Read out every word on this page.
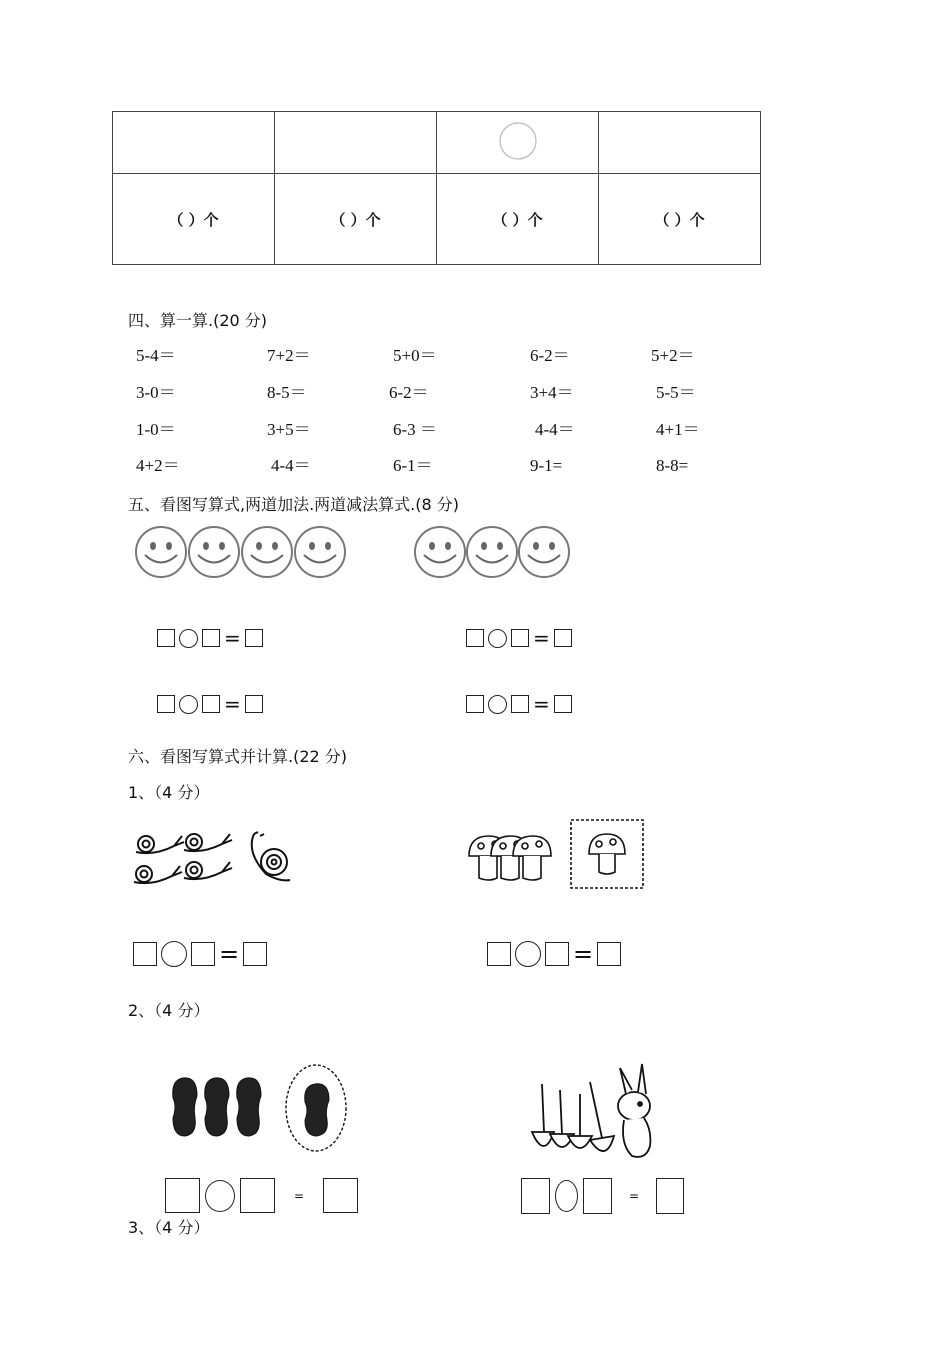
（ ）个	（ ）个	（ ）个	（ ）个
四、算一算.(20 分)
5-4＝	7+2＝	5+0＝	6-2＝	5+2＝
3-0＝	8-5＝	6-2＝	3+4＝	5-5＝
1-0＝	3+5＝	6-3 ＝	4-4＝	4+1＝
4+2＝	4-4＝	6-1＝	9-1=	8-8=
五、看图写算式,两道加法.两道减法算式.(8 分)
=	=
=	=
六、看图写算式并计算.(22 分)
1、（4 分）
=	=
2、（4 分）
=	=
3、（4 分）
